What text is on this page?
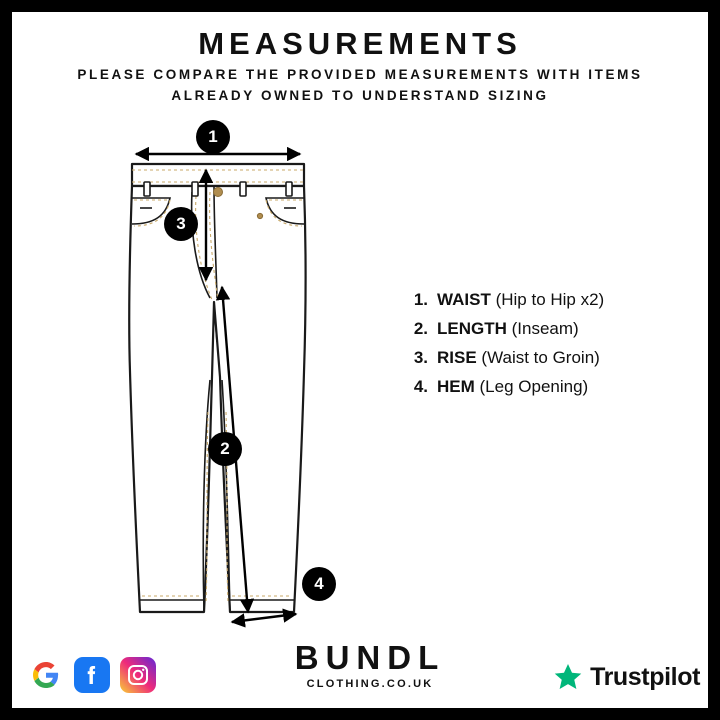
MEASUREMENTS
PLEASE COMPARE THE PROVIDED MEASUREMENTS WITH ITEMS ALREADY OWNED TO UNDERSTAND SIZING
1
3
2
4
1. WAIST (Hip to Hip x2)
2. LENGTH (Inseam)
3. RISE (Waist to Groin)
4. HEM (Leg Opening)
BUNDL
CLOTHING.CO.UK	Trustpilot
